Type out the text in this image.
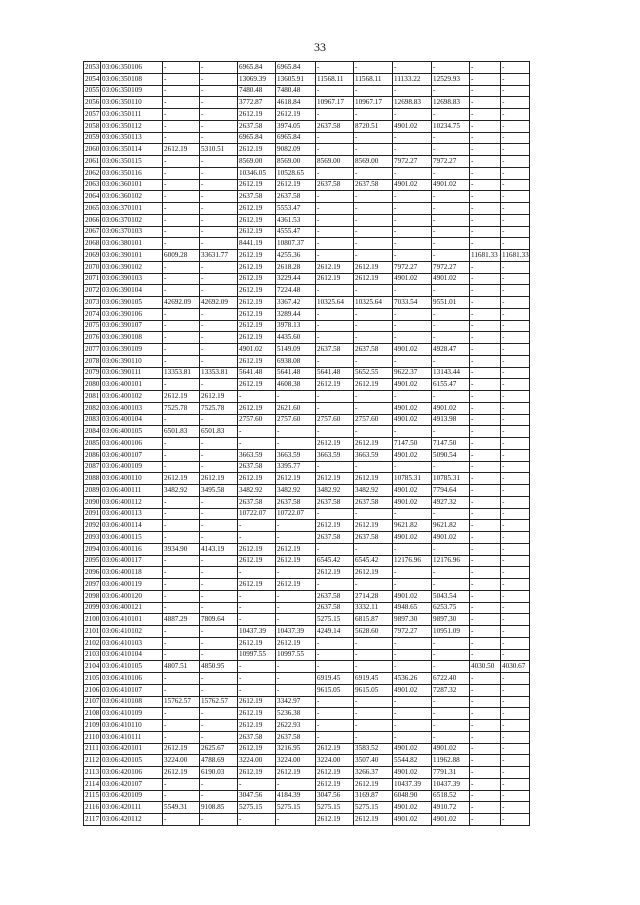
33
2053	03:06:350106	-	-	6965.84	6965.84	-	-	-	-	-	-
2054	03:06:350108	-	-	13069.39	13605.91	11568.11	11568.11	11133.22	12529.93	-	-
2055	03:06:350109	-	-	7480.48	7480.48	-	-	-	-	-	-
2056	03:06:350110	-	-	3772.87	4618.84	10967.17	10967.17	12698.83	12698.83	-	-
2057	03:06:350111	-	-	2612.19	2612.19	-	-	-	-	-	-
2058	03:06:350112	-	-	2637.58	3974.05	2637.58	8720.51	4901.02	10234.75	-	-
2059	03:06:350113	-	-	6965.84	6965.84	-	-	-	-	-	-
2060	03:06:350114	2612.19	5310.51	2612.19	9082.09	-	-	-	-	-	-
2061	03:06:350115	-	-	8569.00	8569.00	8569.00	8569.00	7972.27	7972.27	-	-
2062	03:06:350116	-	-	10346.05	10528.65	-	-	-	-	-	-
2063	03:06:360101	-	-	2612.19	2612.19	2637.58	2637.58	4901.02	4901.02	-	-
2064	03:06:360102	-	-	2637.58	2637.58	-	-	-	-	-	-
2065	03:06:370101	-	-	2612.19	5553.47	-	-	-	-	-	-
2066	03:06:370102	-	-	2612.19	4361.53	-	-	-	-	-	-
2067	03:06:370103	-	-	2612.19	4555.47	-	-	-	-	-	-
2068	03:06:380101	-	-	8441.19	10807.37	-	-	-	-	-	-
2069	03:06:390101	6009.28	33631.77	2612.19	4255.36	-	-	-	-	11681.33	11681.33
2070	03:06:390102	-	-	2612.19	2618.28	2612.19	2612.19	7972.27	7972.27	-	-
2071	03:06:390103	-	-	2612.19	3229.44	2612.19	2612.19	4901.02	4901.02	-	-
2072	03:06:390104	-	-	2612.19	7224.48	-	-	-	-	-	-
2073	03:06:390105	42692.09	42692.09	2612.19	3367.42	10325.64	10325.64	7033.54	9551.01	-	-
2074	03:06:390106	-	-	2612.19	3289.44	-	-	-	-	-	-
2075	03:06:390107	-	-	2612.19	3978.13	-	-	-	-	-	-
2076	03:06:390108	-	-	2612.19	4435.60	-	-	-	-	-	-
2077	03:06:390109	-	-	4901.02	5149.09	2637.58	2637.58	4901.02	4928.47	-	-
2078	03:06:390110	-	-	2612.19	6938.08	-	-	-	-	-	-
2079	03:06:390111	13353.81	13353.81	5641.48	5641.48	5641.48	5652.55	9622.37	13143.44	-	-
2080	03:06:400101	-	-	2612.19	4608.38	2612.19	2612.19	4901.02	6155.47	-	-
2081	03:06:400102	2612.19	2612.19	-	-	-	-	-	-	-	-
2082	03:06:400103	7525.78	7525.78	2612.19	2621.60	-	-	4901.02	4901.02	-	-
2083	03:06:400104	-	-	2757.60	2757.60	2757.60	2757.60	4901.02	4913.98	-	-
2084	03:06:400105	6501.83	6501.83	-	-	-	-	-	-	-	-
2085	03:06:400106	-	-	-	-	2612.19	2612.19	7147.50	7147.50	-	-
2086	03:06:400107	-	-	3663.59	3663.59	3663.59	3663.59	4901.02	5090.54	-	-
2087	03:06:400109	-	-	2637.58	3395.77	-	-	-	-	-	-
2088	03:06:400110	2612.19	2612.19	2612.19	2612.19	2612.19	2612.19	10785.31	10785.31	-	-
2089	03:06:400111	3482.92	3495.58	3482.92	3482.92	3482.92	3482.92	4901.02	7794.64	-	-
2090	03:06:400112	-	-	2637.58	2637.58	2637.58	2637.58	4901.02	4927.32	-	-
2091	03:06:400113	-	-	10722.07	10722.07	-	-	-	-	-	-
2092	03:06:400114	-	-	-	-	2612.19	2612.19	9621.82	9621.82	-	-
2093	03:06:400115	-	-	-	-	2637.58	2637.58	4901.02	4901.02	-	-
2094	03:06:400116	3934.90	4143.19	2612.19	2612.19	-	-	-	-	-	-
2095	03:06:400117	-	-	2612.19	2612.19	6545.42	6545.42	12176.96	12176.96	-	-
2096	03:06:400118	-	-	-	-	2612.19	2612.19	-	-	-	-
2097	03:06:400119	-	-	2612.19	2612.19	-	-	-	-	-	-
2098	03:06:400120	-	-	-	-	2637.58	2714.28	4901.02	5043.54	-	-
2099	03:06:400121	-	-	-	-	2637.58	3332.11	4948.65	6253.75	-	-
2100	03:06:410101	4887.29	7809.64	-	-	5275.15	6815.87	9897.30	9897.30	-	-
2101	03:06:410102	-	-	10437.39	10437.39	4249.14	5628.60	7972.27	10951.09	-	-
2102	03:06:410103	-	-	2612.19	2612.19	-	-	-	-	-	-
2103	03:06:410104	-	-	10997.55	10997.55	-	-	-	-	-	-
2104	03:06:410105	4807.51	4850.95	-	-	-	-	-	-	4030.50	4030.67
2105	03:06:410106	-	-	-	-	6919.45	6919.45	4536.26	6722.40	-	-
2106	03:06:410107	-	-	-	-	9615.05	9615.05	4901.02	7287.32	-	-
2107	03:06:410108	15762.57	15762.57	2612.19	3342.97	-	-	-	-	-	-
2108	03:06:410109	-	-	2612.19	5236.38	-	-	-	-	-	-
2109	03:06:410110	-	-	2612.19	2622.93	-	-	-	-	-	-
2110	03:06:410111	-	-	2637.58	2637.58	-	-	-	-	-	-
2111	03:06:420101	2612.19	2625.67	2612.19	3216.95	2612.19	3583.52	4901.02	4901.02	-	-
2112	03:06:420105	3224.00	4788.69	3224.00	3224.00	3224.00	3507.40	5544.82	11962.88	-	-
2113	03:06:420106	2612.19	6190.03	2612.19	2612.19	2612.19	3266.37	4901.02	7791.31	-	-
2114	03:06:420107	-	-	-	-	2612.19	2612.19	10437.39	10437.39	-	-
2115	03:06:420109	-	-	3047.56	4184.39	3047.56	3169.87	6048.90	6518.52	-	-
2116	03:06:420111	5549.31	9108.85	5275.15	5275.15	5275.15	5275.15	4901.02	4910.72	-	-
2117	03:06:420112	-	-	-	-	2612.19	2612.19	4901.02	4901.02	-	-
